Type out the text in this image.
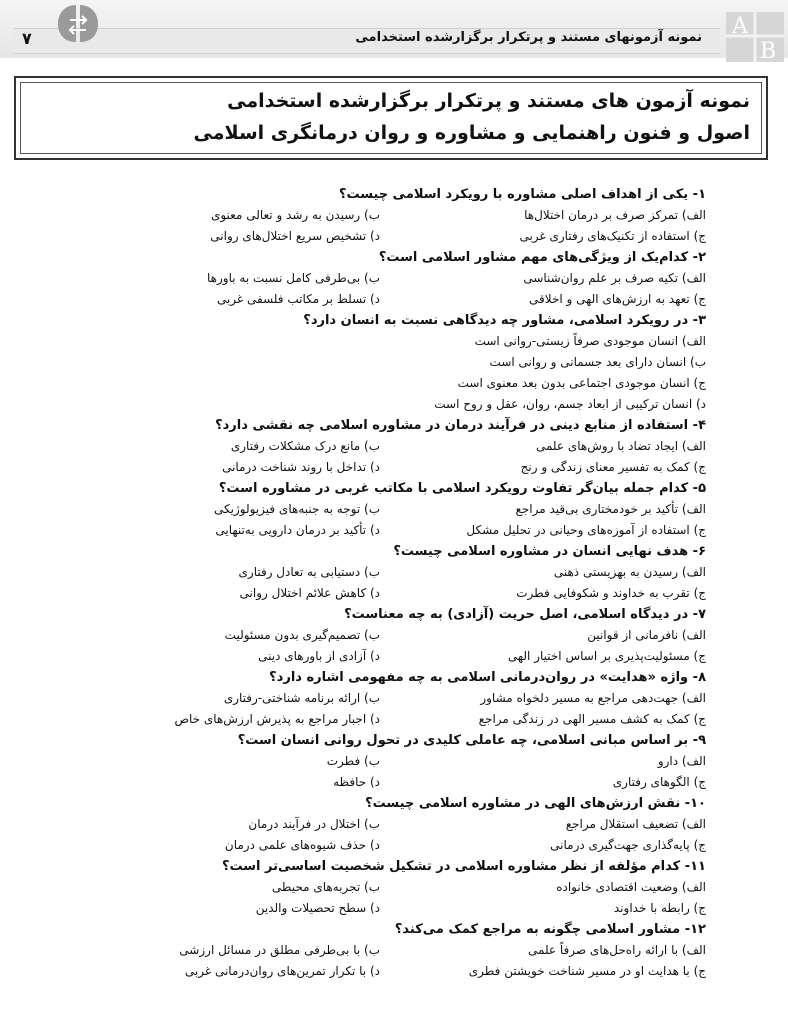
A
B
۷	نمونه آزمونهای مستند و پرتکرار برگزارشده استخدامی
نمونه آزمون های مستند و پرتکرار برگزارشده استخدامی
اصول و فنون راهنمایی و مشاوره و روان درمانگری اسلامی
۱- یکی از اهداف اصلی مشاوره با رویکرد اسلامی چیست؟
الف) تمرکز صرف بر درمان اختلال‌ها
ب) رسیدن به رشد و تعالی معنوی
ج) استفاده از تکنیک‌های رفتاری غربی
د) تشخیص سریع اختلال‌های روانی
۲- کدام‌یک از ویژگی‌های مهم مشاور اسلامی است؟
الف) تکیه صرف بر علم روان‌شناسی
ب) بی‌طرفی کامل نسبت به باورها
ج) تعهد به ارزش‌های الهی و اخلاقی
د) تسلط بر مکاتب فلسفی غربی
۳- در رویکرد اسلامی، مشاور چه دیدگاهی نسبت به انسان دارد؟
الف) انسان موجودی صرفاً زیستی-روانی است
ب) انسان دارای بعد جسمانی و روانی است
ج) انسان موجودی اجتماعی بدون بعد معنوی است
د) انسان ترکیبی از ابعاد جسم، روان، عقل و روح است
۴- استفاده از منابع دینی در فرآیند درمان در مشاوره اسلامی چه نقشی دارد؟
الف) ایجاد تضاد با روش‌های علمی
ب) مانع درک مشکلات رفتاری
ج) کمک به تفسیر معنای زندگی و رنج
د) تداخل با روند شناخت درمانی
۵- کدام جمله بیان‌گر تفاوت رویکرد اسلامی با مکاتب غربی در مشاوره است؟
الف) تأکید بر خودمختاری بی‌قید مراجع
ب) توجه به جنبه‌های فیزیولوژیکی
ج) استفاده از آموزه‌های وحیانی در تحلیل مشکل
د) تأکید بر درمان دارویی به‌تنهایی
۶- هدف نهایی انسان در مشاوره اسلامی چیست؟
الف) رسیدن به بهزیستی ذهنی
ب) دستیابی به تعادل رفتاری
ج) تقرب به خداوند و شکوفایی فطرت
د) کاهش علائم اختلال روانی
۷- در دیدگاه اسلامی، اصل حریت (آزادی) به چه معناست؟
الف) نافرمانی از قوانین
ب) تصمیم‌گیری بدون مسئولیت
ج) مسئولیت‌پذیری بر اساس اختیار الهی
د) آزادی از باورهای دینی
۸- واژه «هدایت» در روان‌درمانی اسلامی به چه مفهومی اشاره دارد؟
الف) جهت‌دهی مراجع به مسیر دلخواه مشاور
ب) ارائه برنامه شناختی-رفتاری
ج) کمک به کشف مسیر الهی در زندگی مراجع
د) اجبار مراجع به پذیرش ارزش‌های خاص
۹- بر اساس مبانی اسلامی، چه عاملی کلیدی در تحول روانی انسان است؟
الف) دارو
ب) فطرت
ج) الگوهای رفتاری
د) حافظه
۱۰- نقش ارزش‌های الهی در مشاوره اسلامی چیست؟
الف) تضعیف استقلال مراجع
ب) اختلال در فرآیند درمان
ج) پایه‌گذاری جهت‌گیری درمانی
د) حذف شیوه‌های علمی درمان
۱۱- کدام مؤلفه از نظر مشاوره اسلامی در تشکیل شخصیت اساسی‌تر است؟
الف) وضعیت اقتصادی خانواده
ب) تجربه‌های محیطی
ج) رابطه با خداوند
د) سطح تحصیلات والدین
۱۲- مشاور اسلامی چگونه به مراجع کمک می‌کند؟
الف) با ارائه راه‌حل‌های صرفاً علمی
ب) با بی‌طرفی مطلق در مسائل ارزشی
ج) با هدایت او در مسیر شناخت خویشتن فطری
د) با تکرار تمرین‌های روان‌درمانی غربی
